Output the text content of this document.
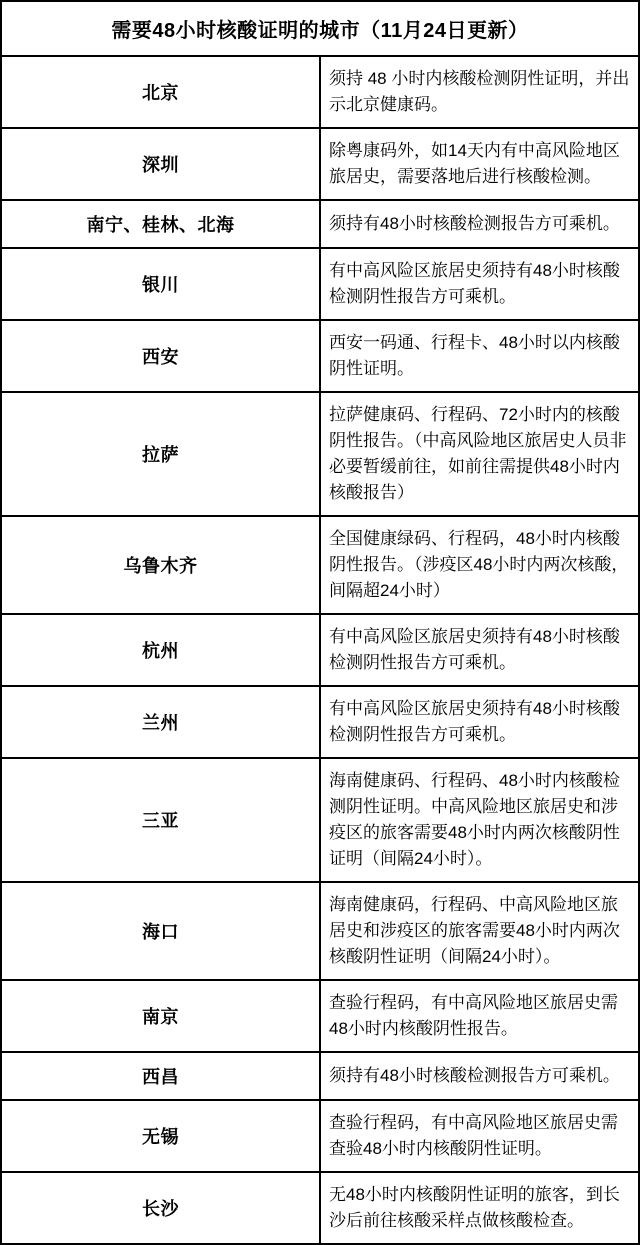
需要48小时核酸证明的城市（11月24日更新）	
北京	须持 48 小时内核酸检测阴性证明，并出示北京健康码。
深圳	除粤康码外，如14天内有中高风险地区旅居史，需要落地后进行核酸检测。
南宁、桂林、北海	须持有48小时核酸检测报告方可乘机。
银川	有中高风险区旅居史须持有48小时核酸检测阴性报告方可乘机。
西安	西安一码通、行程卡、48小时以内核酸阴性证明。
拉萨	拉萨健康码、行程码、72小时内的核酸阴性报告。（中高风险地区旅居史人员非必要暂缓前往，如前往需提供48小时内核酸报告）
乌鲁木齐	全国健康绿码、行程码，48小时内核酸阴性报告。（涉疫区48小时内两次核酸，间隔超24小时）
杭州	有中高风险区旅居史须持有48小时核酸检测阴性报告方可乘机。
兰州	有中高风险区旅居史须持有48小时核酸检测阴性报告方可乘机。
三亚	海南健康码、行程码、48小时内核酸检测阴性证明。中高风险地区旅居史和涉疫区的旅客需要48小时内两次核酸阴性证明（间隔24小时）。
海口	海南健康码，行程码、中高风险地区旅居史和涉疫区的旅客需要48小时内两次核酸阴性证明（间隔24小时）。
南京	查验行程码，有中高风险地区旅居史需48小时内核酸阴性报告。
西昌	须持有48小时核酸检测报告方可乘机。
无锡	查验行程码，有中高风险地区旅居史需查验48小时内核酸阴性证明。
长沙	无48小时内核酸阴性证明的旅客，到长沙后前往核酸采样点做核酸检查。
